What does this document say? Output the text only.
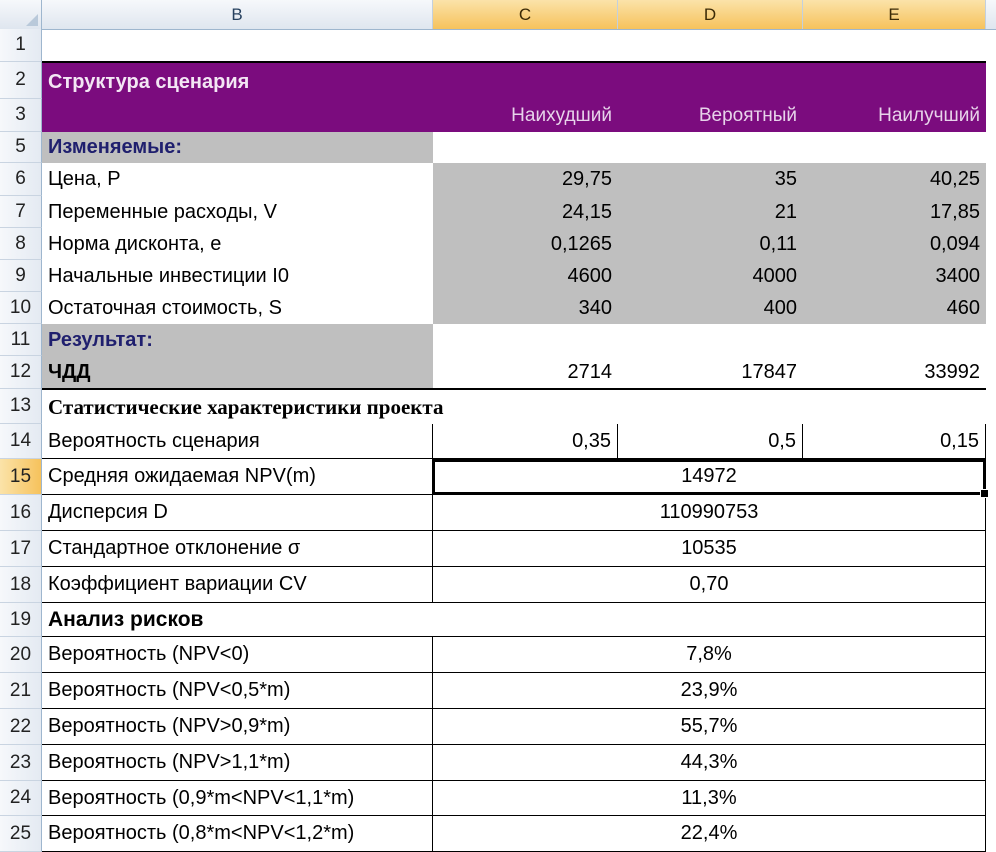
B	C	D	E
1
2
3
5
6
7
8
9
10
11
12
13
14
15
16
17
18
19
20
21
22
23
24
25
Структура сценария
Наихудший	Вероятный	Наилучший
Изменяемые:
Цена, Р	29,75	35	40,25
Переменные расходы, V	24,15	21	17,85
Норма дисконта, е	0,1265	0,11	0,094
Начальные инвестиции I0	4600	4000	3400
Остаточная стоимость, S	340	400	460
Результат:
ЧДД	2714	17847	33992
Статистические характеристики проекта
Вероятность сценария	0,35	0,5	0,15
Средняя ожидаемая NPV(m)	14972
Дисперсия D	110990753
Стандартное отклонение σ	10535
Коэффициент вариации CV	0,70
Анализ рисков
Вероятность (NPV<0)	7,8%
Вероятность (NPV<0,5*m)	23,9%
Вероятность (NPV>0,9*m)	55,7%
Вероятность (NPV>1,1*m)	44,3%
Вероятность (0,9*m<NPV<1,1*m)	11,3%
Вероятность (0,8*m<NPV<1,2*m)	22,4%
